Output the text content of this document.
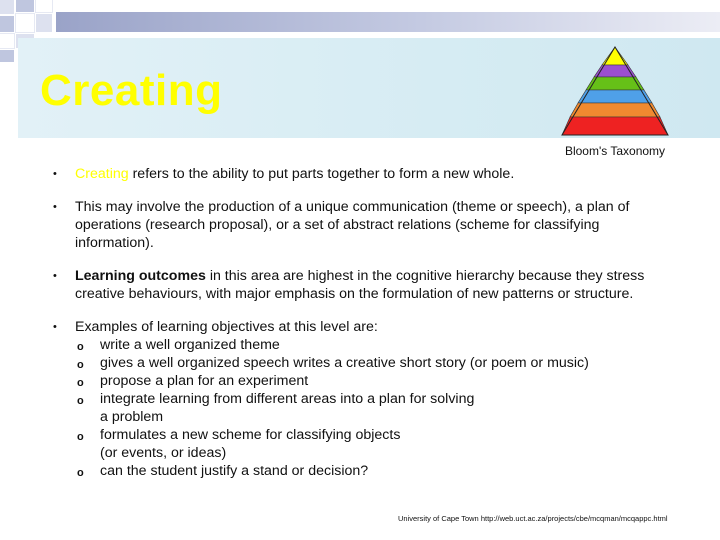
Creating
Bloom's Taxonomy
• Creating refers to the ability to put parts together to form a new whole.
• This may involve the production of a unique communication (theme or speech), a plan of operations (research proposal), or a set of abstract relations (scheme for classifying information).
• Learning outcomes in this area are highest in the cognitive hierarchy because they stress creative behaviours, with major emphasis on the formulation of new patterns or structure.
• Examples of learning objectives at this level are:
o write a well organized theme
o gives a well organized speech writes a creative short story (or poem or music)
o propose a plan for an experiment
o integrate learning from different areas into a plan for solving a problem
o formulates a new scheme for classifying objects (or events, or ideas)
o can the student justify a stand or decision?
University of Cape Town http://web.uct.ac.za/projects/cbe/mcqman/mcqappc.html
